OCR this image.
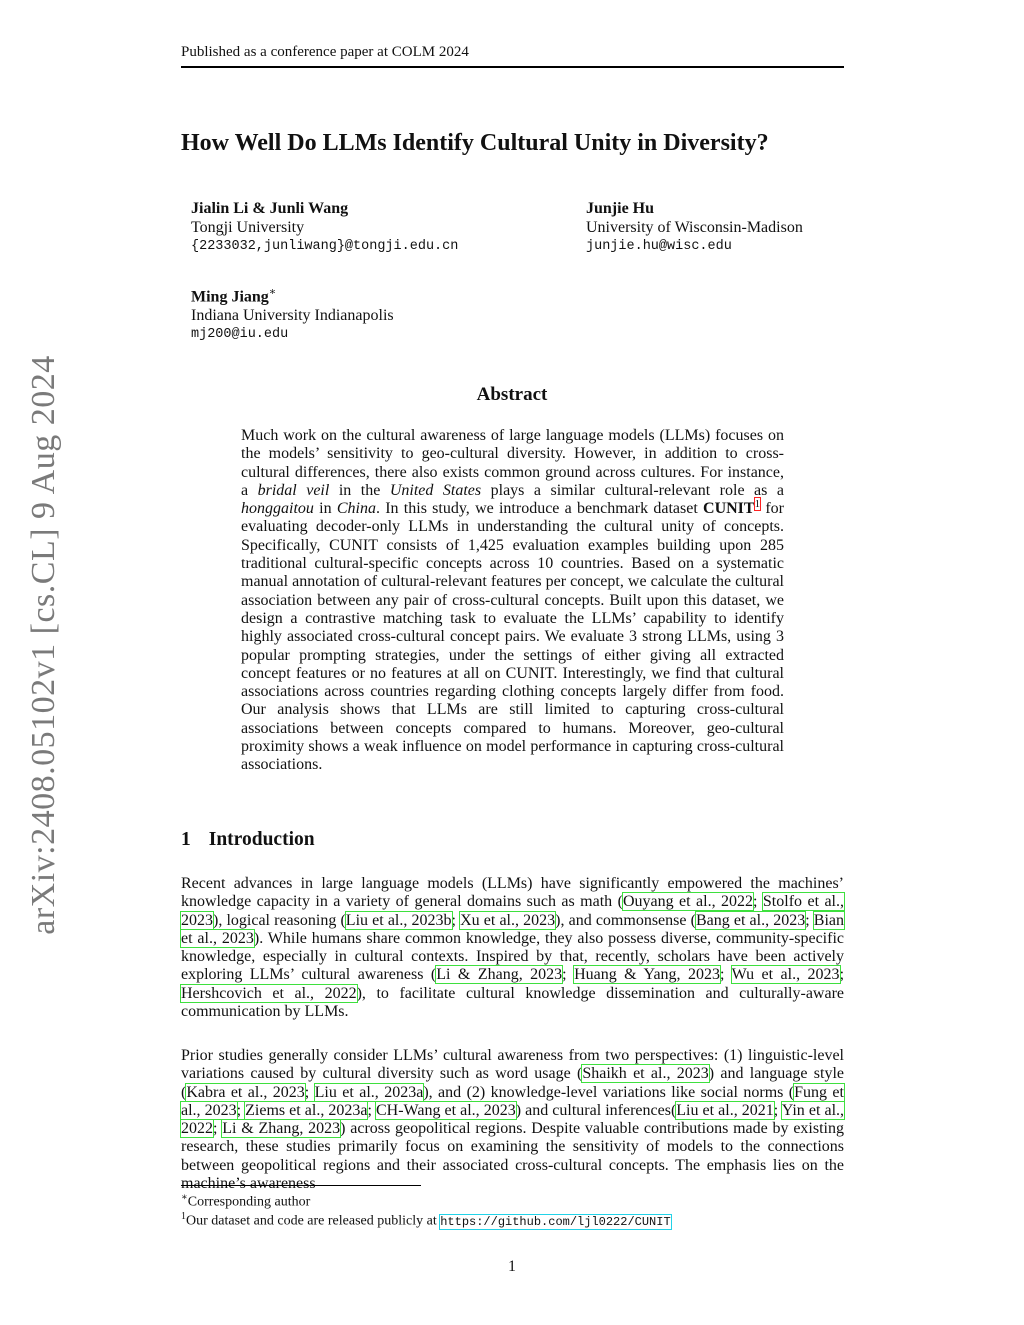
Published as a conference paper at COLM 2024
arXiv:2408.05102v1 [cs.CL] 9 Aug 2024
How Well Do LLMs Identify Cultural Unity in Diversity?
Jialin Li & Junli Wang
Tongji University
{2233032,junliwang}@tongji.edu.cn
Junjie Hu
University of Wisconsin-Madison
junjie.hu@wisc.edu
Ming Jiang∗
Indiana University Indianapolis
mj200@iu.edu
Abstract

Much work on the cultural awareness of large language models (LLMs) focuses on the models’ sensitivity to geo-cultural diversity. However, in addition to cross-cultural differences, there also exists common ground across cultures. For instance, a bridal veil in the United States plays a similar cultural-relevant role as a honggaitou in China. In this study, we introduce a benchmark dataset CUNIT$^1$ for evaluating decoder-only LLMs in understanding the cultural unity of concepts. Specifically, CUNIT consists of 1,425 evaluation examples building upon 285 traditional cultural-specific concepts across 10 countries. Based on a systematic manual annotation of cultural-relevant features per concept, we calculate the cultural association between any pair of cross-cultural concepts. Built upon this dataset, we design a contrastive matching task to evaluate the LLMs’ capability to identify highly associated cross-cultural concept pairs. We evaluate 3 strong LLMs, using 3 popular prompting strategies, under the settings of either giving all extracted concept features or no features at all on CUNIT. Interestingly, we find that cultural associations across countries regarding clothing concepts largely differ from food. Our analysis shows that LLMs are still limited to capturing cross-cultural associations between concepts compared to humans. Moreover, geo-cultural proximity shows a weak influence on model performance in capturing cross-cultural associations.

1 Introduction

Recent advances in large language models (LLMs) have significantly empowered the machines’ knowledge capacity in a variety of general domains such as math (Ouyang et al., 2022; Stolfo et al., 2023), logical reasoning (Liu et al., 2023b; Xu et al., 2023), and commonsense (Bang et al., 2023; Bian et al., 2023). While humans share common knowledge, they also possess diverse, community-specific knowledge, especially in cultural contexts. Inspired by that, recently, scholars have been actively exploring LLMs’ cultural awareness (Li & Zhang, 2023; Huang & Yang, 2023; Wu et al., 2023; Hershcovich et al., 2022), to facilitate cultural knowledge dissemination and culturally-aware communication by LLMs.

Prior studies generally consider LLMs’ cultural awareness from two perspectives: (1) linguistic-level variations caused by cultural diversity such as word usage (Shaikh et al., 2023) and language style (Kabra et al., 2023; Liu et al., 2023a), and (2) knowledge-level variations like social norms (Fung et al., 2023; Ziems et al., 2023a; CH-Wang et al., 2023) and cultural inferences(Liu et al., 2021; Yin et al., 2022; Li & Zhang, 2023) across geopolitical regions. Despite valuable contributions made by existing research, these studies primarily focus on examining the sensitivity of models to the connections between geopolitical regions and their associated cross-cultural concepts. The emphasis lies on the machine’s awareness

∗Corresponding author

$^1$Our dataset and code are released publicly at https://github.com/ljl0222/CUNIT

1
